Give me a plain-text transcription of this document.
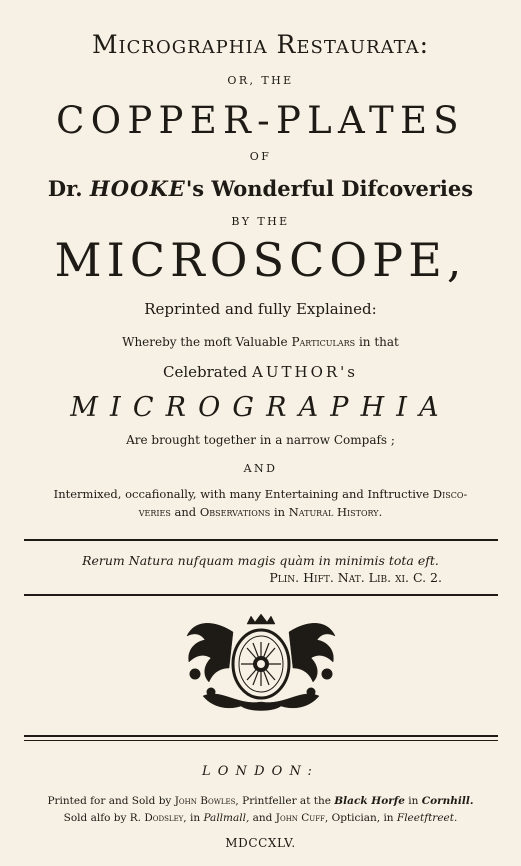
Micrographia Restaurata:
OR, THE
COPPER-PLATES
OF
Dr. HOOKE's Wonderful Difcoveries
BY THE
MICROSCOPE,
Reprinted and fully Explained:
Whereby the moft Valuable Particulars in that
Celebrated AUTHOR's
MICROGRAPHIA
Are brought together in a narrow Compafs ;
AND
Intermixed, occafionally, with many Entertaining and Inftructive Disco-
veries and Observations in Natural History.
Rerum Natura nufquam magis quàm in minimis tota eft.
Plin. Hift. Nat. Lib. xi. C. 2.
LONDON:
Printed for and Sold by John Bowles, Printfeller at the Black Horfe in Cornhill.
Sold alfo by R. Dodsley, in Pallmall, and John Cuff, Optician, in Fleetftreet.
MDCCXLV.
